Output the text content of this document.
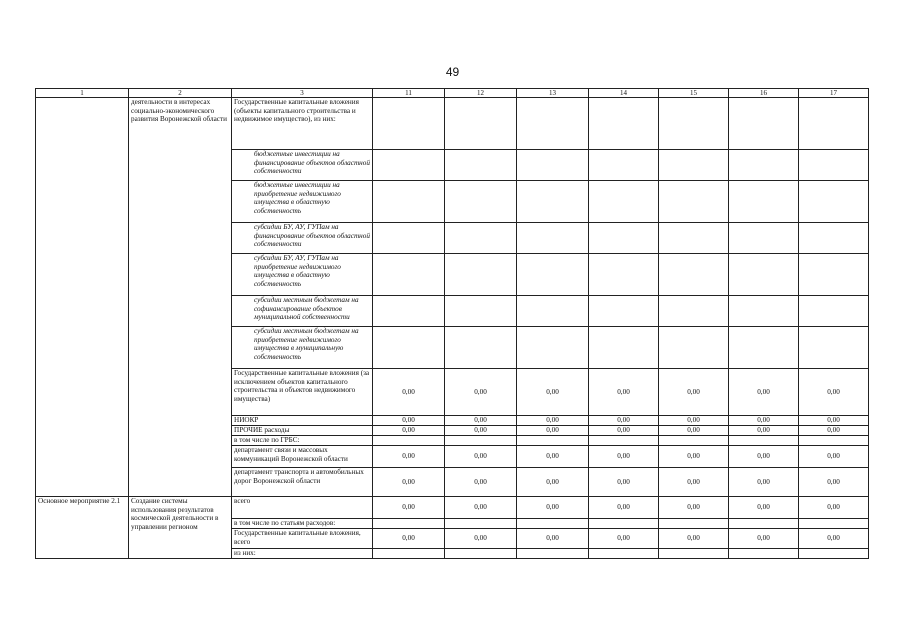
49
1	2	3	11	12	13	14	15	16	17
	деятельности в интересах социально-экономического развития Воронежской области	Государственные капитальные вложения (объекты капитального строительства и недвижимое имущество), из них:							
		бюджетные инвестиции на финансирование объектов областной собственности							
		бюджетные инвестиции на приобретение недвижимого имущества в областную собственность							
		субсидии БУ, АУ, ГУПам на финансирование объектов областной собственности							
		субсидии БУ, АУ, ГУПам на приобретение недвижимого имущества в областную собственность							
		субсидии местным бюджетам на софинансирование объектов муниципальной собственности							
		субсидии местным бюджетам на приобретение недвижимого имущества в муниципальную собственность							
		Государственные капитальные вложения (за исключением объектов капитального строительства и объектов недвижимого имущества)	0,00	0,00	0,00	0,00	0,00	0,00	0,00
		НИОКР	0,00	0,00	0,00	0,00	0,00	0,00	0,00
		ПРОЧИЕ расходы	0,00	0,00	0,00	0,00	0,00	0,00	0,00
		в том числе по ГРБС:							
		департамент связи и массовых коммуникаций Воронежской области	0,00	0,00	0,00	0,00	0,00	0,00	0,00
		департамент транспорта и автомобильных дорог Воронежской области	0,00	0,00	0,00	0,00	0,00	0,00	0,00
Основное мероприятие 2.1	Создание системы использования результатов космической деятельности в управлении регионом	всего	0,00	0,00	0,00	0,00	0,00	0,00	0,00
		в том числе по статьям расходов:							
		Государственные капитальные вложения, всего	0,00	0,00	0,00	0,00	0,00	0,00	0,00
		из них:							
